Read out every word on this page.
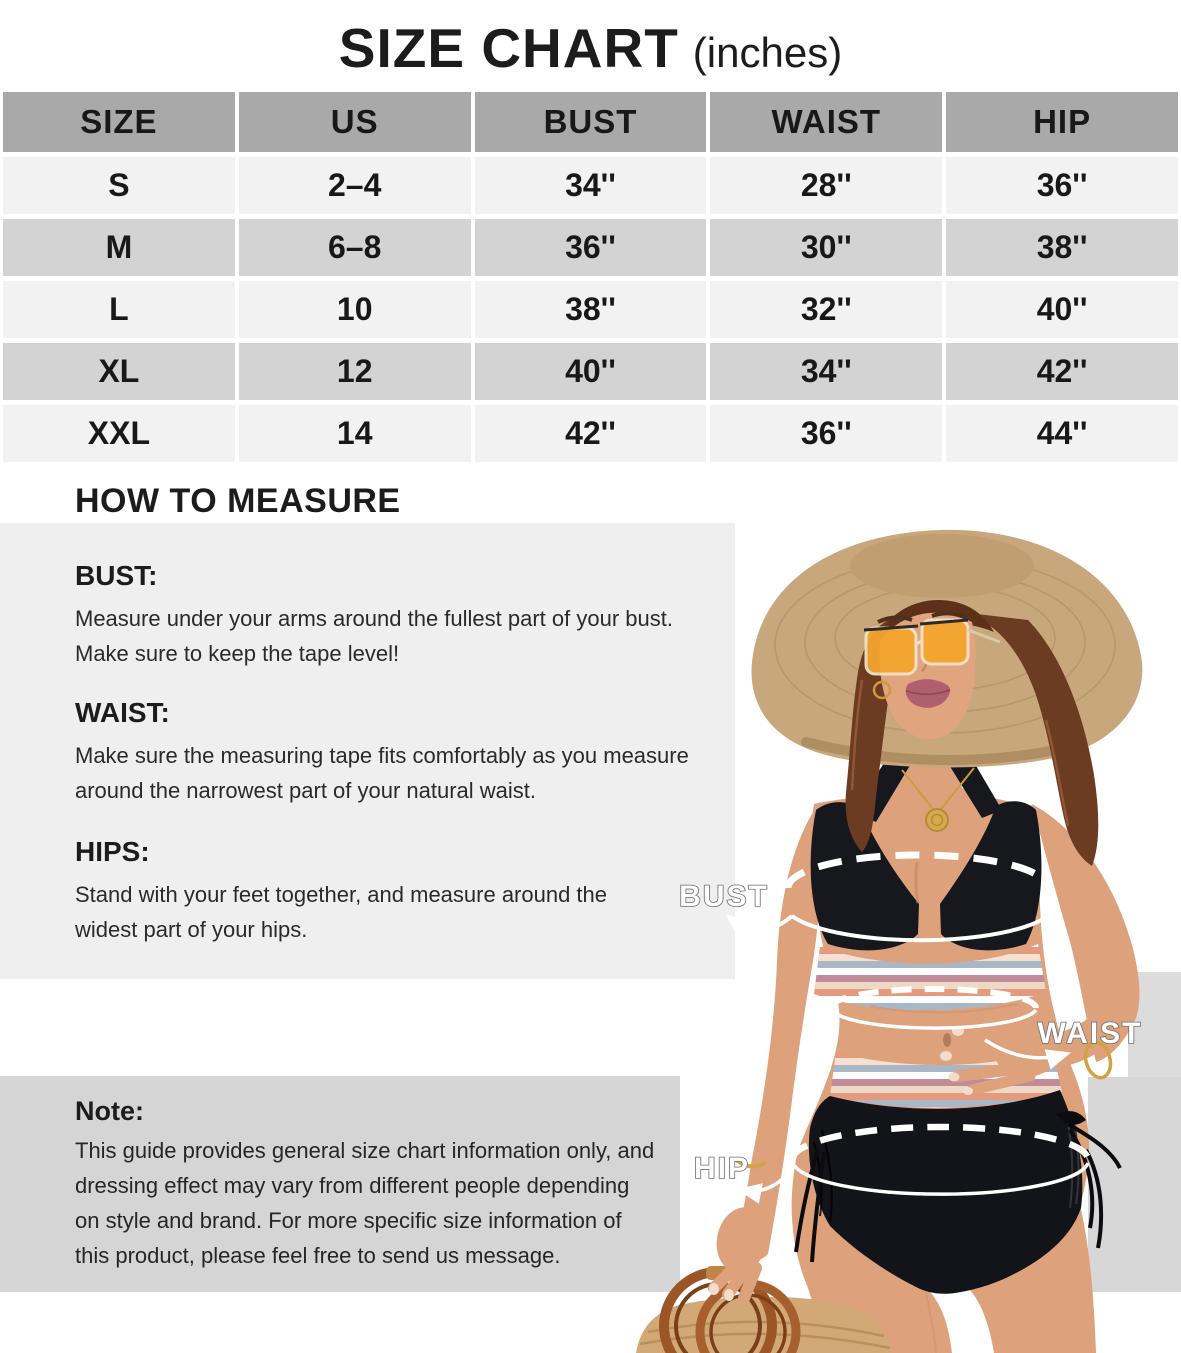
SIZE CHART (inches)
SIZE	US	BUST	WAIST	HIP
S	2–4	34''	28''	36''
M	6–8	36''	30''	38''
L	10	38''	32''	40''
XL	12	40''	34''	42''
XXL	14	42''	36''	44''
HOW TO MEASURE
BUST:
Measure under your arms around the fullest part of your bust.
Make sure to keep the tape level!
WAIST:
Make sure the measuring tape fits comfortably as you measure
around the narrowest part of your natural waist.
HIPS:
Stand with your feet together, and measure around the
widest part of your hips.
Note:
This guide provides general size chart information only, and
dressing effect may vary from different people depending
on style and brand. For more specific size information of
this product, please feel free to send us message.
BUST
WAIST
HIP
